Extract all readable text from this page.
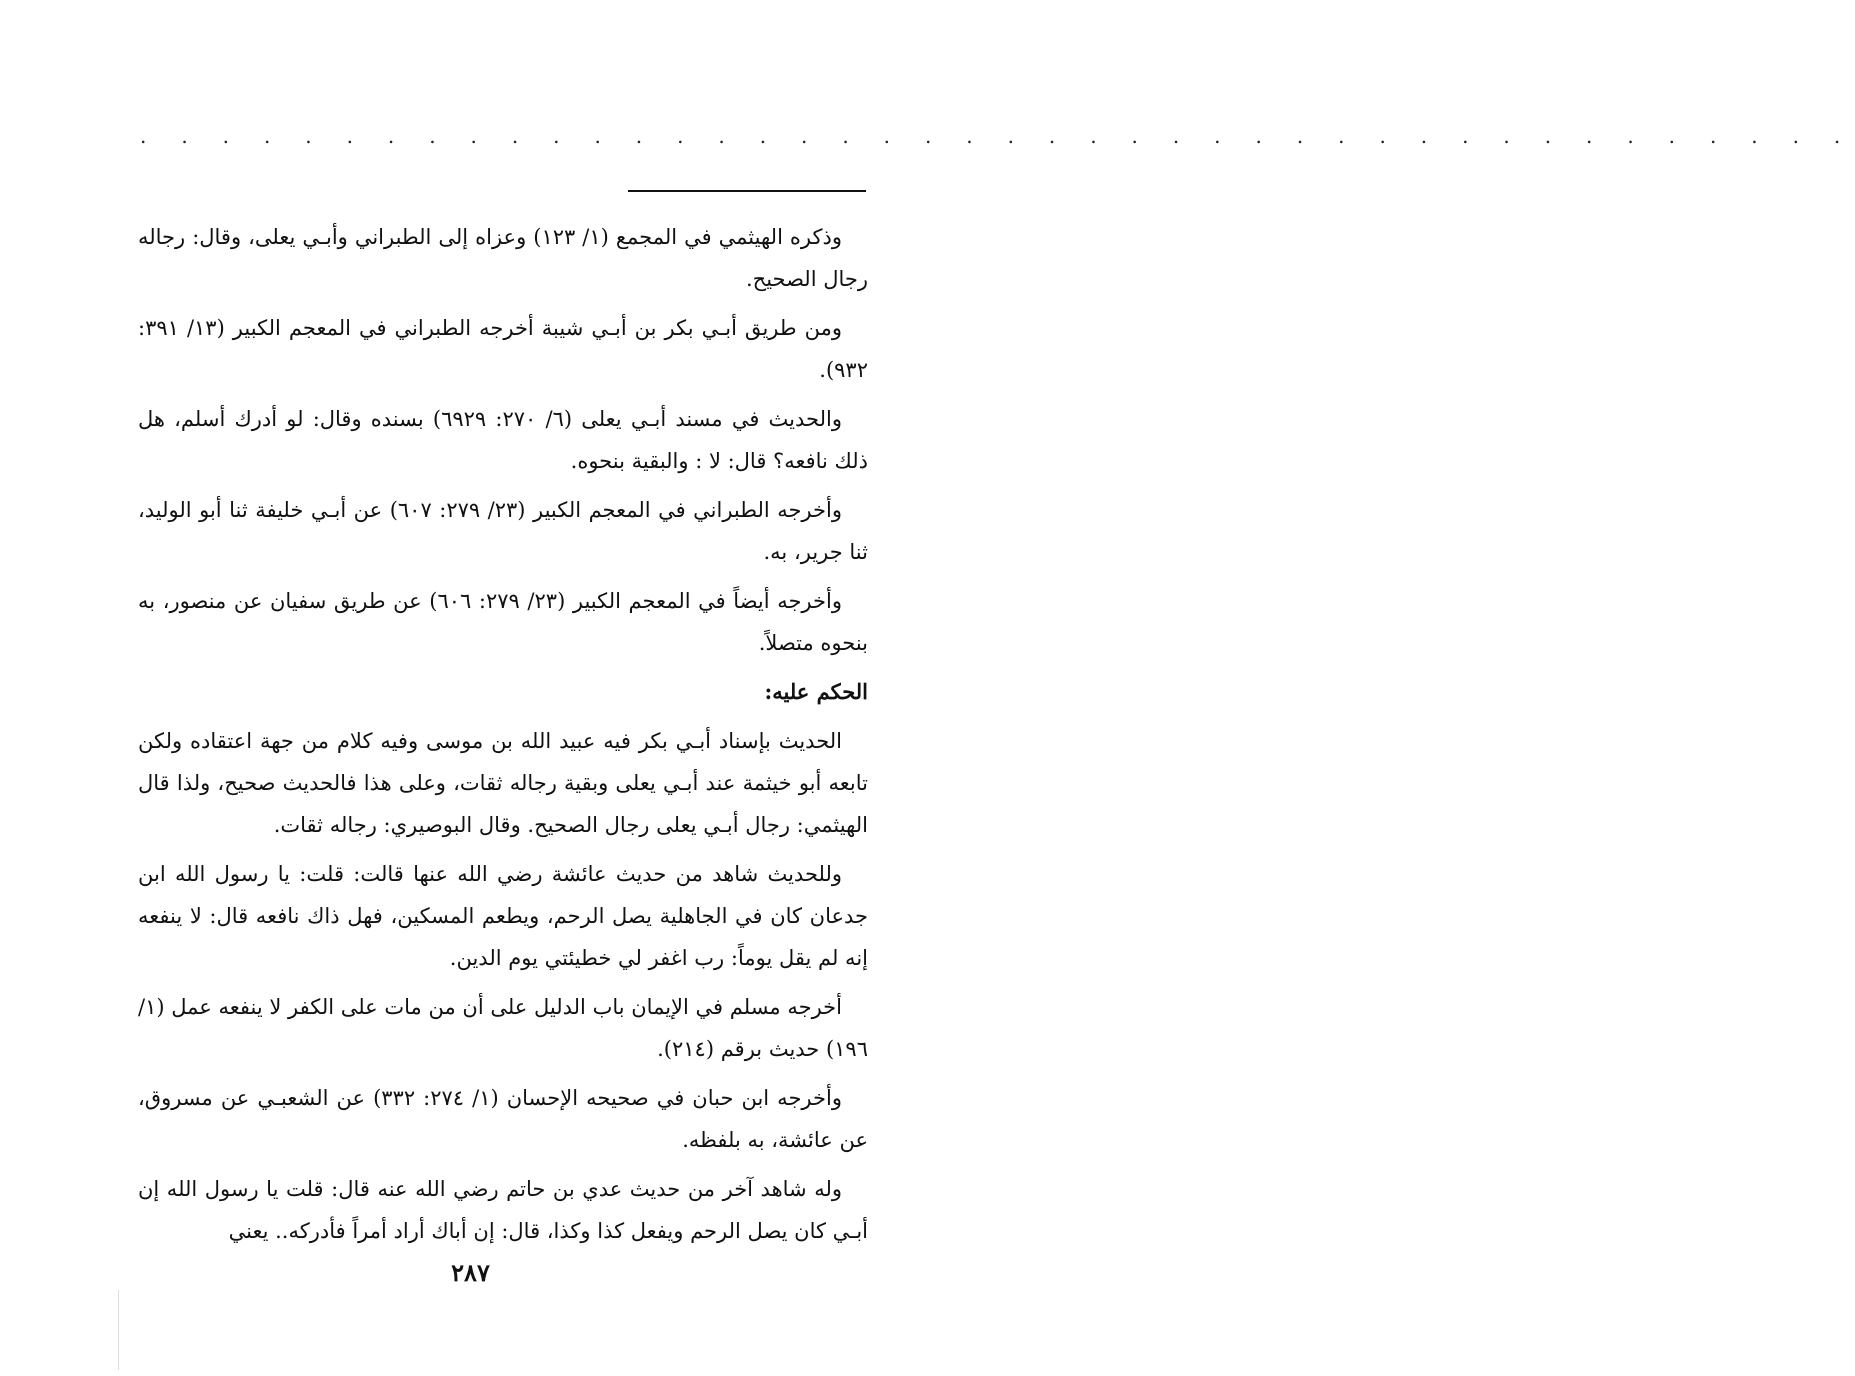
. . . . . . . . . . . . . . . . . . . . . . . . . . . . . . . . . . . . . . . . . .

وذكره الهيثمي في المجمع (١/ ١٢٣) وعزاه إلى الطبراني وأبـي يعلى، وقال: رجاله رجال الصحيح.

ومن طريق أبـي بكر بن أبـي شيبة أخرجه الطبراني في المعجم الكبير (١٣/ ٣٩١: ٩٣٢).

والحديث في مسند أبـي يعلى (٦/ ٢٧٠: ٦٩٢٩) بسنده وقال: لو أدرك أسلم، هل ذلك نافعه؟ قال: لا : والبقية بنحوه.

وأخرجه الطبراني في المعجم الكبير (٢٣/ ٢٧٩: ٦٠٧) عن أبـي خليفة ثنا أبو الوليد، ثنا جرير، به.

وأخرجه أيضاً في المعجم الكبير (٢٣/ ٢٧٩: ٦٠٦) عن طريق سفيان عن منصور، به بنحوه متصلاً.

الحكم عليه:

الحديث بإسناد أبـي بكر فيه عبيد الله بن موسى وفيه كلام من جهة اعتقاده ولكن تابعه أبو خيثمة عند أبـي يعلى وبقية رجاله ثقات، وعلى هذا فالحديث صحيح، ولذا قال الهيثمي: رجال أبـي يعلى رجال الصحيح. وقال البوصيري: رجاله ثقات.

وللحديث شاهد من حديث عائشة رضي الله عنها قالت: قلت: يا رسول الله ابن جدعان كان في الجاهلية يصل الرحم، ويطعم المسكين، فهل ذاك نافعه قال: لا ينفعه إنه لم يقل يوماً: رب اغفر لي خطيئتي يوم الدين.

أخرجه مسلم في الإيمان باب الدليل على أن من مات على الكفر لا ينفعه عمل (١/ ١٩٦) حديث برقم (٢١٤).

وأخرجه ابن حبان في صحيحه الإحسان (١/ ٢٧٤: ٣٣٢) عن الشعبـي عن مسروق، عن عائشة، به بلفظه.

وله شاهد آخر من حديث عدي بن حاتم رضي الله عنه قال: قلت يا رسول الله إن أبـي كان يصل الرحم ويفعل كذا وكذا، قال: إن أباك أراد أمراً فأدركه.. يعني

٢٨٧
